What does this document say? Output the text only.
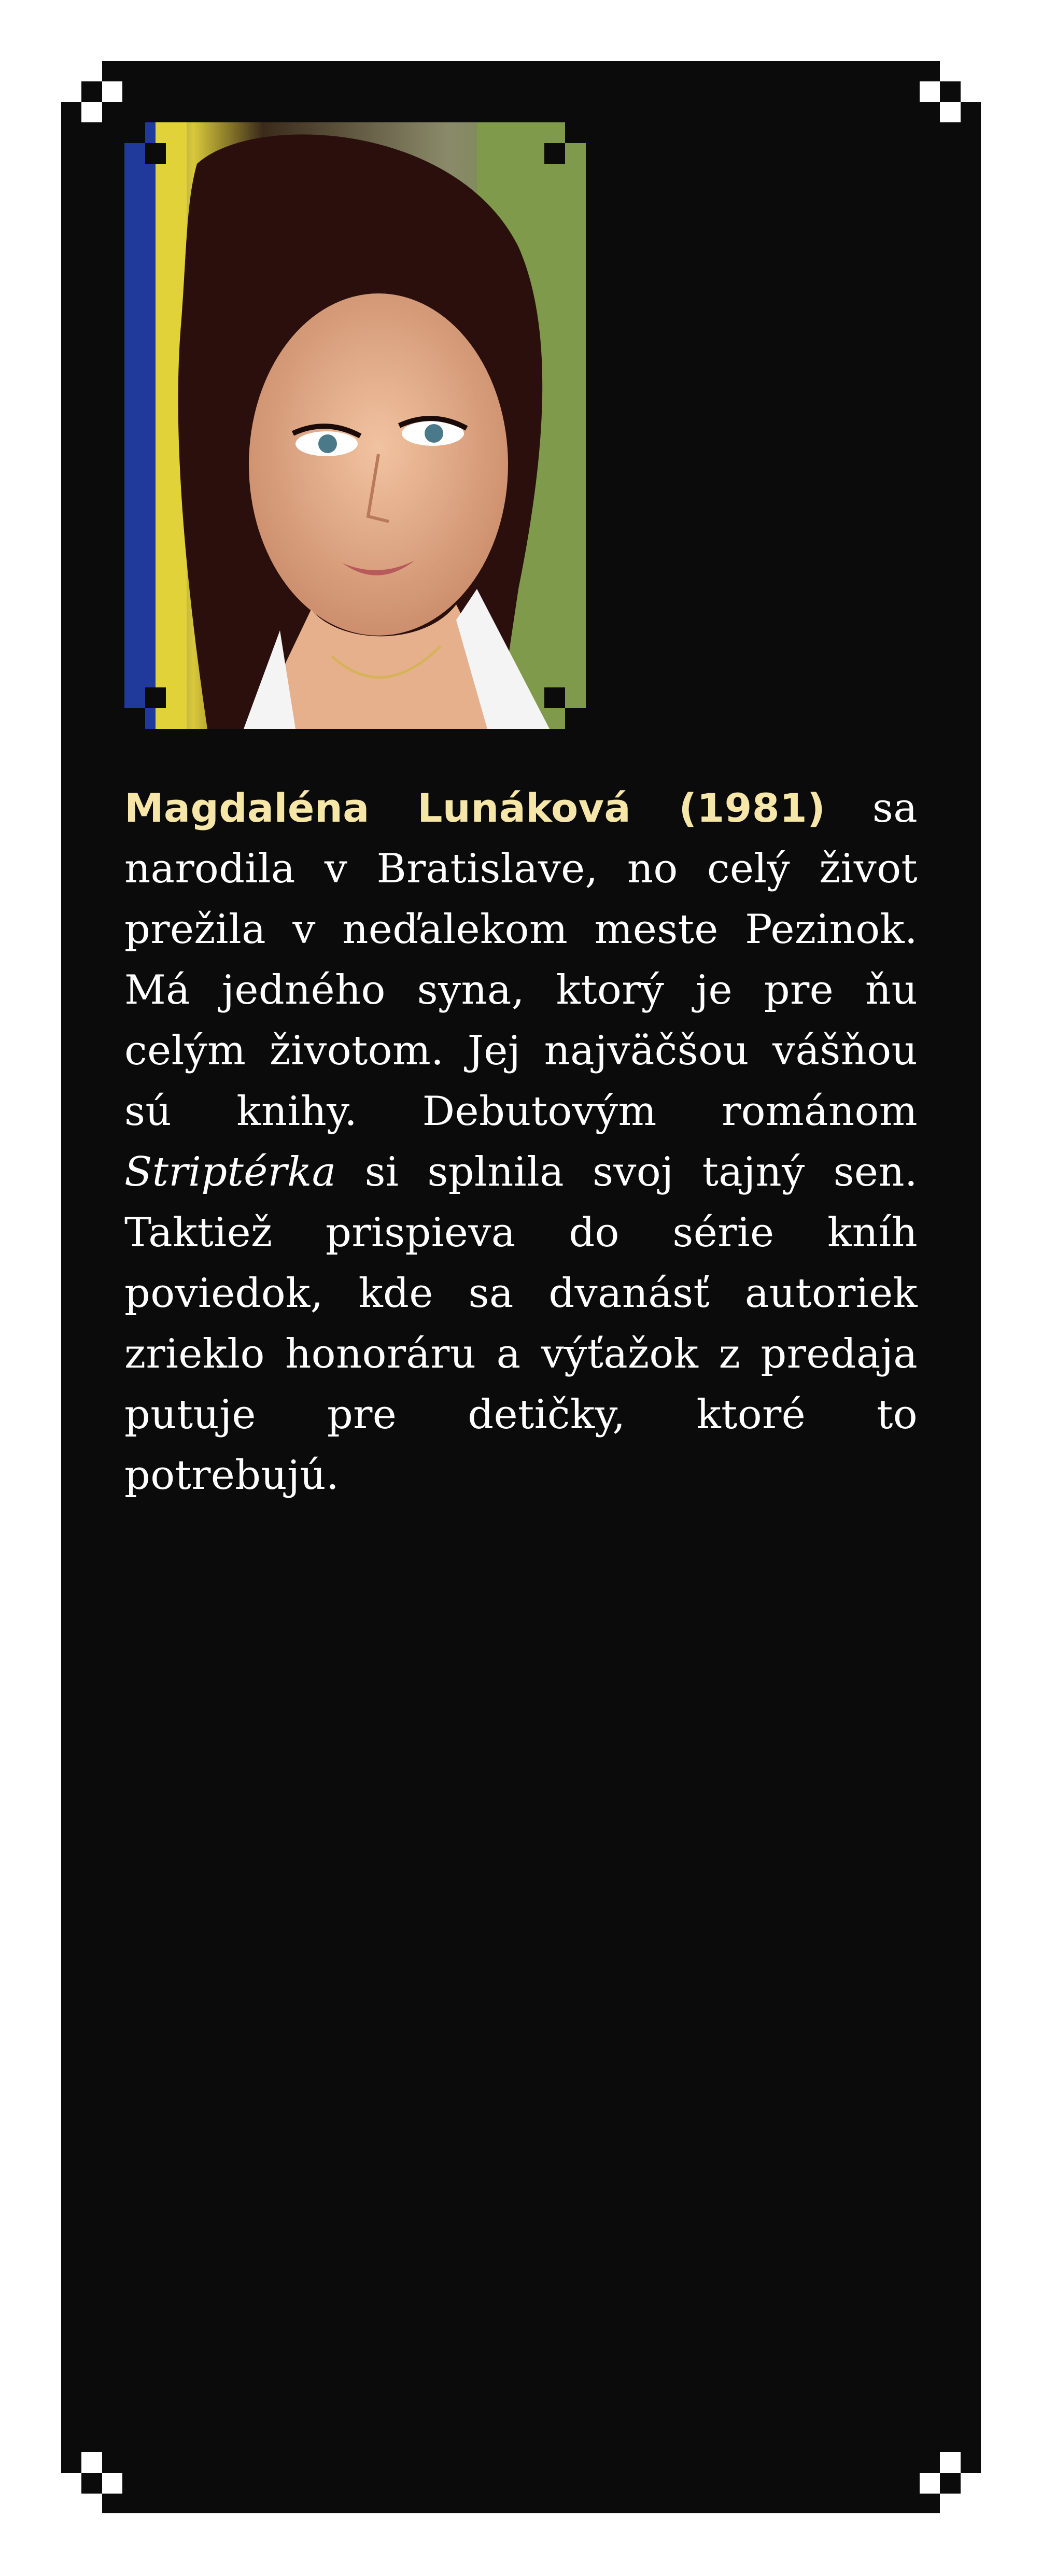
Magdaléna Lunáková (1981) sa narodila v Bratislave, no celý život prežila v neďalekom meste Pezinok. Má jedného syna, ktorý je pre ňu celým životom. Jej najväčšou vášňou sú knihy. Debutovým románom Striptérka si splnila svoj tajný sen. Taktiež prispieva do série kníh poviedok, kde sa dvanásť autoriek zrieklo honoráru a výťažok z predaja putuje pre detičky, ktoré to potrebujú.
